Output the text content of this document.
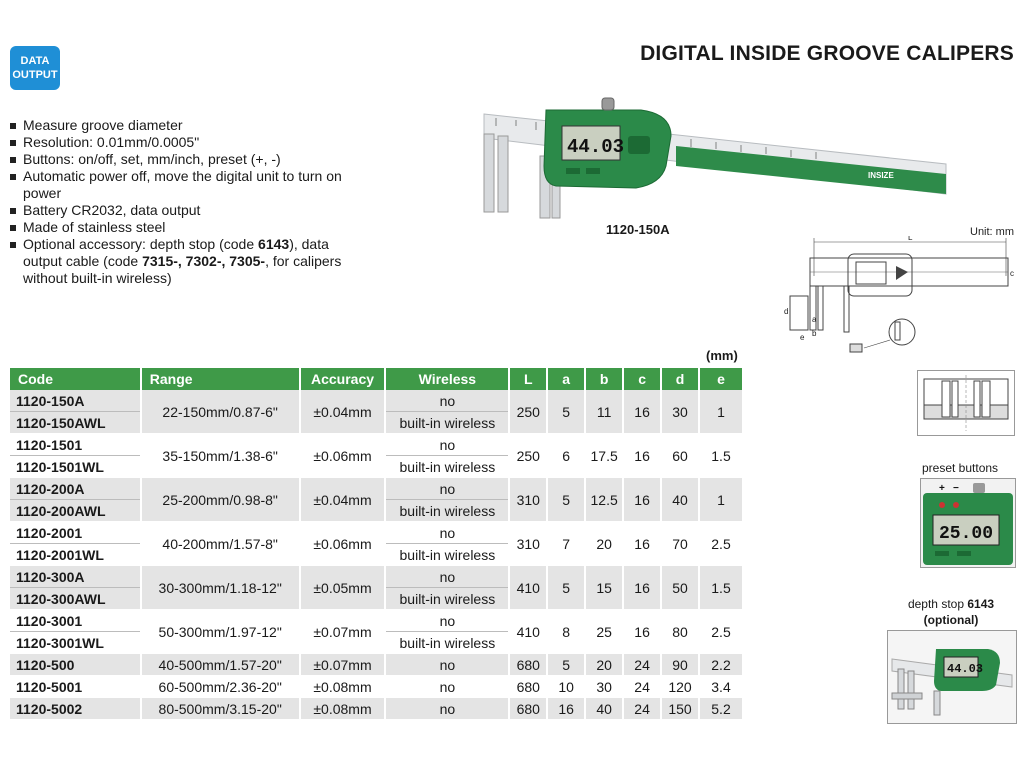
DATA
OUTPUT
DIGITAL INSIDE GROOVE CALIPERS
Measure groove diameter
Resolution: 0.01mm/0.0005"
Buttons: on/off, set, mm/inch, preset (+, -)
Automatic power off, move the digital unit to turn on power
Battery CR2032, data output
Made of stainless steel
Optional accessory: depth stop (code 6143), data output cable (code 7315-, 7302-, 7305-, for calipers without built-in wireless)
INSIZE
44.03
1120-150A	Unit: mm
L
d
a
b
e
c
(mm)
Code	Range	Accuracy	Wireless	L	a	b	c	d	e
1120-150A	22-150mm/0.87-6"	±0.04mm	no	250	5	11	16	30	1
1120-150AWL			built-in wireless						
1120-1501	35-150mm/1.38-6"	±0.06mm	no	250	6	17.5	16	60	1.5
1120-1501WL			built-in wireless						
1120-200A	25-200mm/0.98-8"	±0.04mm	no	310	5	12.5	16	40	1
1120-200AWL			built-in wireless						
1120-2001	40-200mm/1.57-8"	±0.06mm	no	310	7	20	16	70	2.5
1120-2001WL			built-in wireless						
1120-300A	30-300mm/1.18-12"	±0.05mm	no	410	5	15	16	50	1.5
1120-300AWL			built-in wireless						
1120-3001	50-300mm/1.97-12"	±0.07mm	no	410	8	25	16	80	2.5
1120-3001WL			built-in wireless						
1120-500	40-500mm/1.57-20"	±0.07mm	no	680	5	20	24	90	2.2
1120-5001	60-500mm/2.36-20"	±0.08mm	no	680	10	30	24	120	3.4
1120-5002	80-500mm/3.15-20"	±0.08mm	no	680	16	40	24	150	5.2
preset buttons
+ −
25.00
depth stop 6143
(optional)
44.03
